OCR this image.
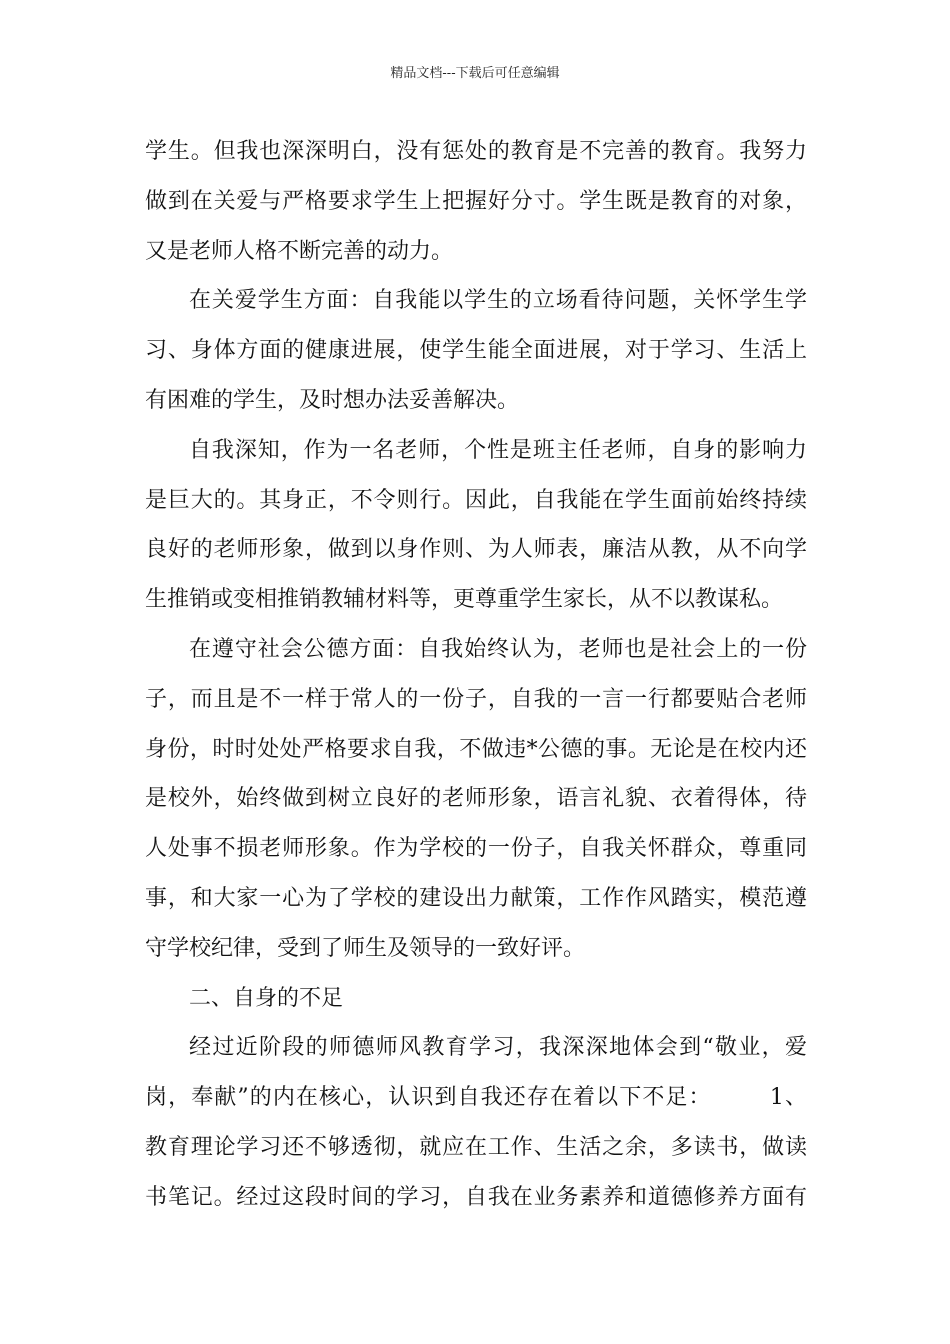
精品文档---下载后可任意编辑
学生。但我也深深明白，没有惩处的教育是不完善的教育。我努力
做到在关爱与严格要求学生上把握好分寸。学生既是教育的对象，
又是老师人格不断完善的动力。
在关爱学生方面：自我能以学生的立场看待问题，关怀学生学
习、身体方面的健康进展，使学生能全面进展，对于学习、生活上
有困难的学生，及时想办法妥善解决。
自我深知，作为一名老师，个性是班主任老师，自身的影响力
是巨大的。其身正，不令则行。因此，自我能在学生面前始终持续
良好的老师形象，做到以身作则、为人师表，廉洁从教，从不向学
生推销或变相推销教辅材料等，更尊重学生家长，从不以教谋私。
在遵守社会公德方面：自我始终认为，老师也是社会上的一份
子，而且是不一样于常人的一份子，自我的一言一行都要贴合老师
身份，时时处处严格要求自我，不做违*公德的事。无论是在校内还
是校外，始终做到树立良好的老师形象，语言礼貌、衣着得体，待
人处事不损老师形象。作为学校的一份子，自我关怀群众，尊重同
事，和大家一心为了学校的建设出力献策，工作作风踏实，模范遵
守学校纪律，受到了师生及领导的一致好评。
二、自身的不足
经过近阶段的师德师风教育学习，我深深地体会到“敬业，爱
岗，奉献”的内在核心，认识到自我还存在着以下不足：　　　1、
教育理论学习还不够透彻，就应在工作、生活之余，多读书，做读
书笔记。经过这段时间的学习，自我在业务素养和道德修养方面有
